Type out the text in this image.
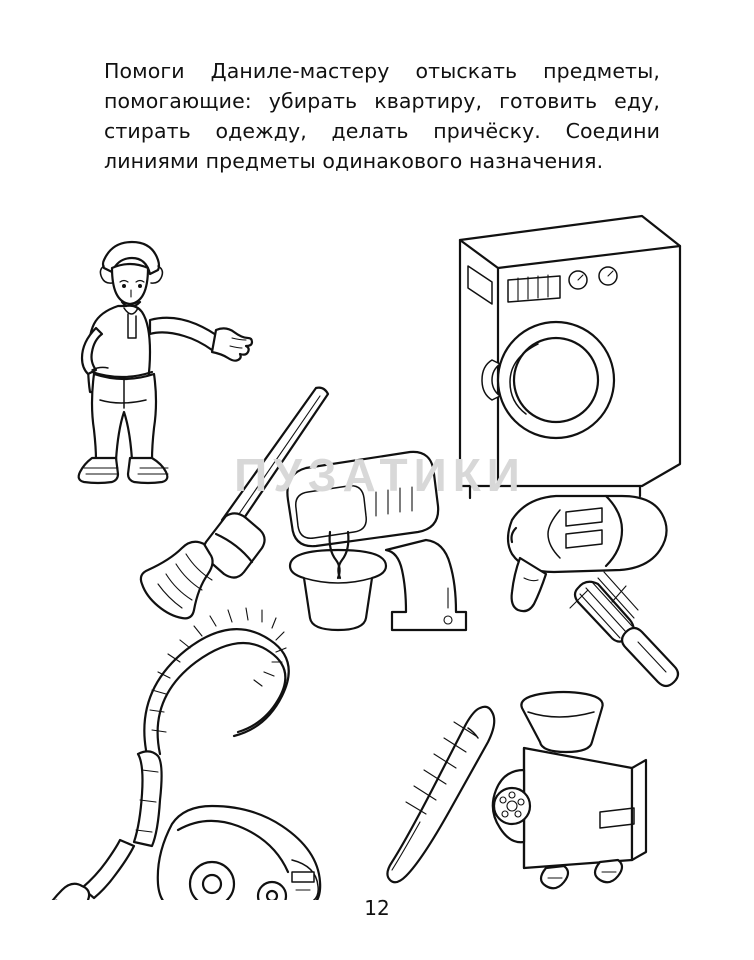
Помоги Даниле-мастеру отыскать предметы, помогающие: убирать квартиру, готовить еду, стирать одежду, делать причёску. Соедини линиями предметы одинакового назначения.
ПУЗАТИКИ
12
